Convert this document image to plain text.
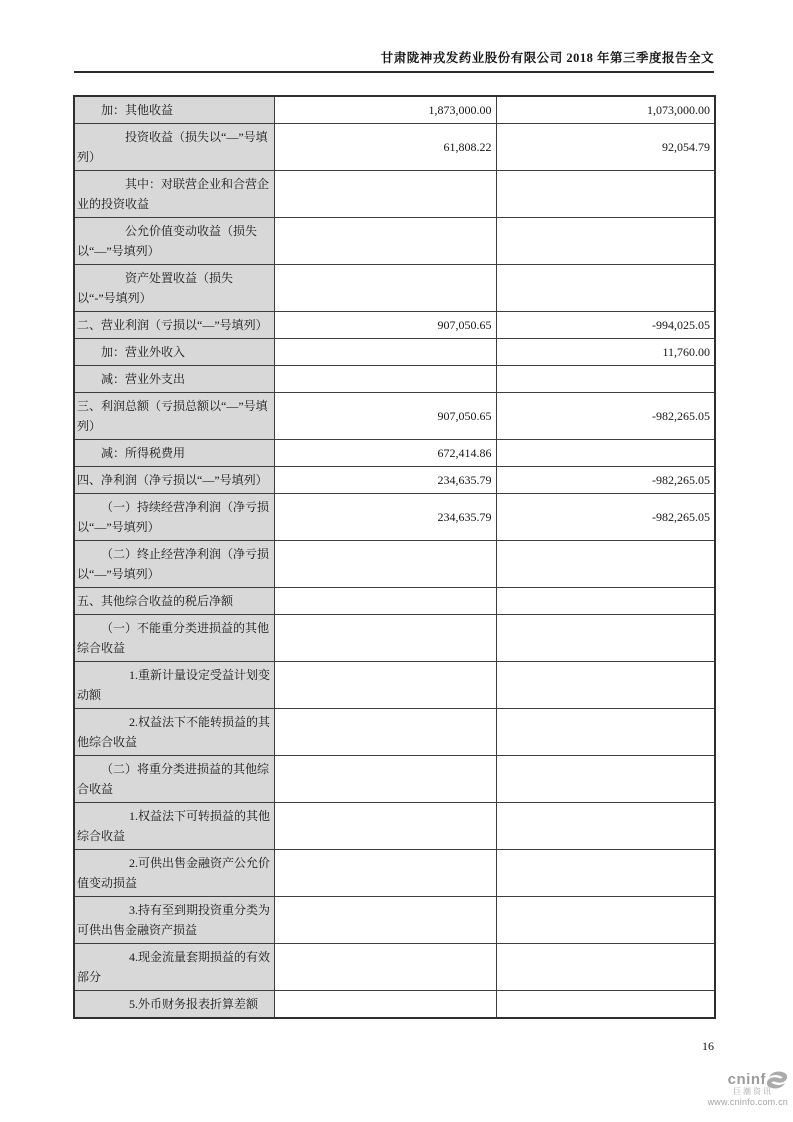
甘肃陇神戎发药业股份有限公司 2018 年第三季度报告全文
加：其他收益	1,873,000.00	1,073,000.00
投资收益（损失以“—”号填列）	61,808.22	92,054.79
其中：对联营企业和合营企业的投资收益		
公允价值变动收益（损失以“—”号填列）		
资产处置收益（损失以“-”号填列）		
二、营业利润（亏损以“—”号填列）	907,050.65	-994,025.05
加：营业外收入		11,760.00
减：营业外支出		
三、利润总额（亏损总额以“—”号填列）	907,050.65	-982,265.05
减：所得税费用	672,414.86	
四、净利润（净亏损以“—”号填列）	234,635.79	-982,265.05
（一）持续经营净利润（净亏损以“—”号填列）	234,635.79	-982,265.05
（二）终止经营净利润（净亏损以“—”号填列）		
五、其他综合收益的税后净额		
（一）不能重分类进损益的其他综合收益		
1.重新计量设定受益计划变动额		
2.权益法下不能转损益的其他综合收益		
（二）将重分类进损益的其他综合收益		
1.权益法下可转损益的其他综合收益		
2.可供出售金融资产公允价值变动损益		
3.持有至到期投资重分类为可供出售金融资产损益		
4.现金流量套期损益的有效部分		
5.外币财务报表折算差额		
16
cninf
巨潮资讯
www.cninfo.com.cn
